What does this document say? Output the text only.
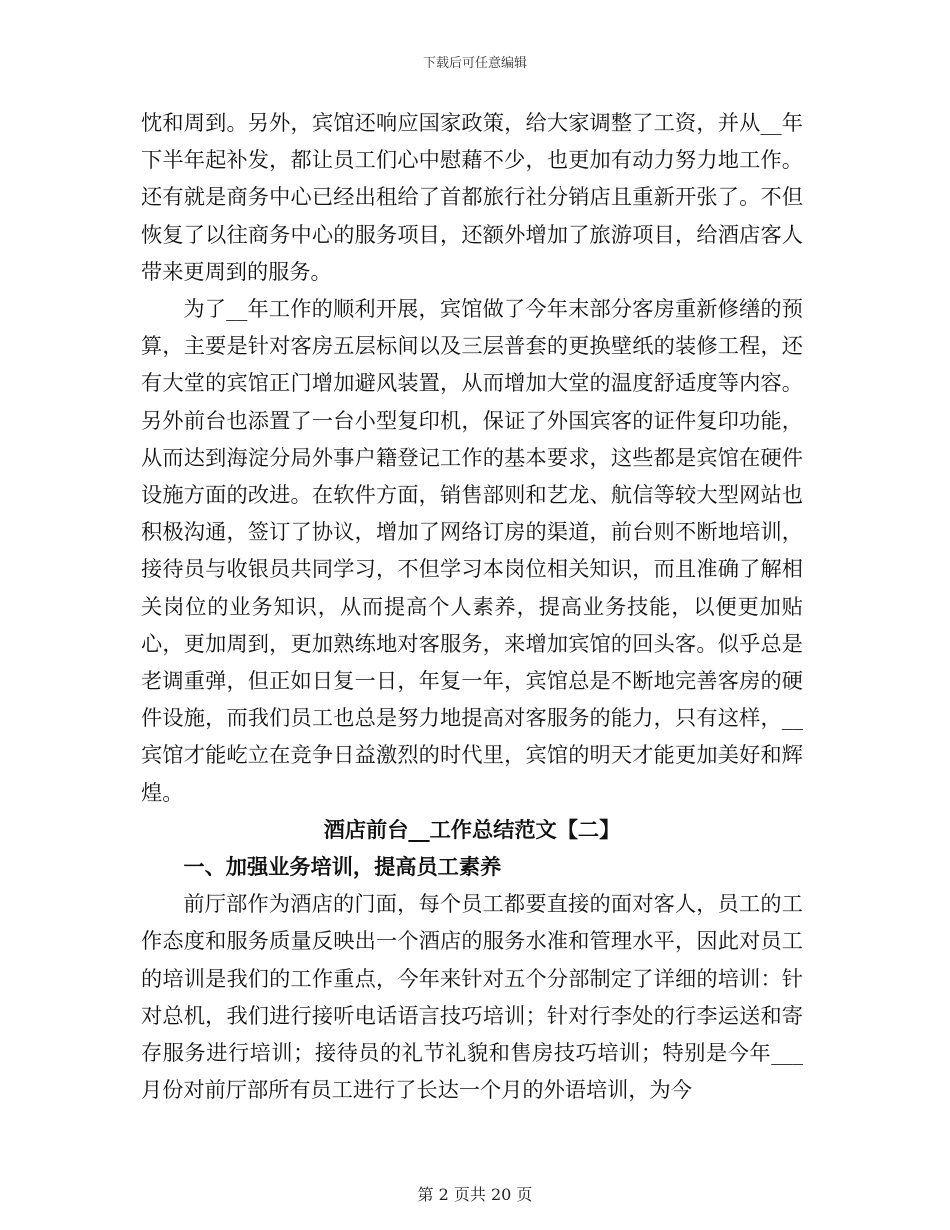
下载后可任意编辑

忱和周到。另外，宾馆还响应国家政策，给大家调整了工资，并从__年下半年起补发，都让员工们心中慰藉不少，也更加有动力努力地工作。还有就是商务中心已经出租给了首都旅行社分销店且重新开张了。不但恢复了以往商务中心的服务项目，还额外增加了旅游项目，给酒店客人带来更周到的服务。

为了__年工作的顺利开展，宾馆做了今年末部分客房重新修缮的预算，主要是针对客房五层标间以及三层普套的更换壁纸的装修工程，还有大堂的宾馆正门增加避风装置，从而增加大堂的温度舒适度等内容。另外前台也添置了一台小型复印机，保证了外国宾客的证件复印功能，从而达到海淀分局外事户籍登记工作的基本要求，这些都是宾馆在硬件设施方面的改进。在软件方面，销售部则和艺龙、航信等较大型网站也积极沟通，签订了协议，增加了网络订房的渠道，前台则不断地培训，接待员与收银员共同学习，不但学习本岗位相关知识，而且准确了解相关岗位的业务知识，从而提高个人素养，提高业务技能，以便更加贴心，更加周到，更加熟练地对客服务，来增加宾馆的回头客。似乎总是老调重弹，但正如日复一日，年复一年，宾馆总是不断地完善客房的硬件设施，而我们员工也总是努力地提高对客服务的能力，只有这样，__宾馆才能屹立在竞争日益激烈的时代里，宾馆的明天才能更加美好和辉煌。

酒店前台__工作总结范文【二】

一、加强业务培训，提高员工素养

前厅部作为酒店的门面，每个员工都要直接的面对客人，员工的工作态度和服务质量反映出一个酒店的服务水准和管理水平，因此对员工的培训是我们的工作重点，今年来针对五个分部制定了详细的培训：针对总机，我们进行接听电话语言技巧培训；针对行李处的行李运送和寄存服务进行培训；接待员的礼节礼貌和售房技巧培训；特别是今年___月份对前厅部所有员工进行了长达一个月的外语培训，为今

第 2 页共 20 页
